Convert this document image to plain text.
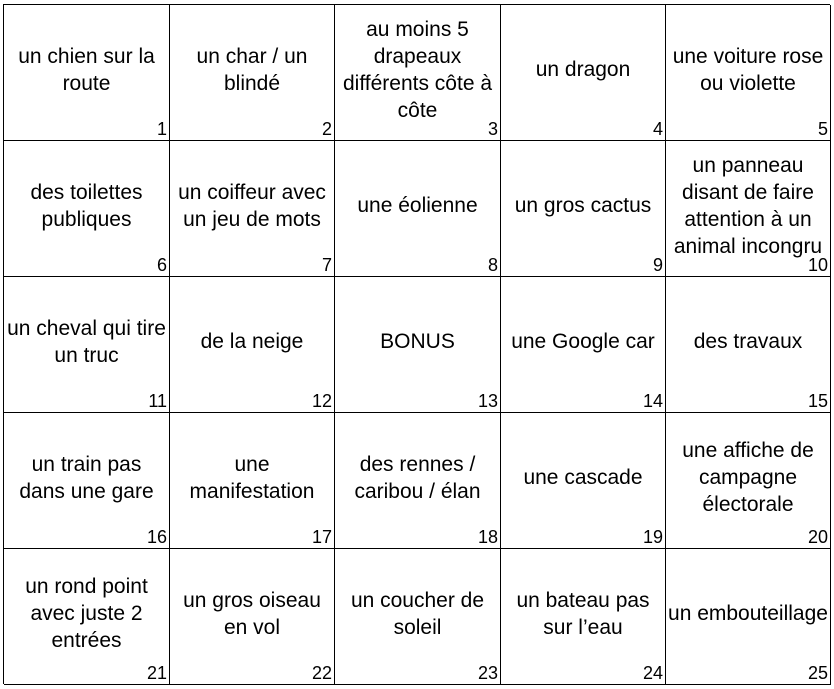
un chien sur la route
1
un char / un blindé
2
au moins 5 drapeaux différents côte à côte
3
un dragon
4
une voiture rose ou violette
5
des toilettes publiques
6
un coiffeur avec un jeu de mots
7
une éolienne
8
un gros cactus
9
un panneau disant de faire attention à un animal incongru
10
un cheval qui tire un truc
11
de la neige
12
BONUS
13
une Google car
14
des travaux
15
un train pas dans une gare
16
une manifestation
17
des rennes / caribou / élan
18
une cascade
19
une affiche de campagne électorale
20
un rond point avec juste 2 entrées
21
un gros oiseau en vol
22
un coucher de soleil
23
un bateau pas sur l’eau
24
un embouteillage
25
